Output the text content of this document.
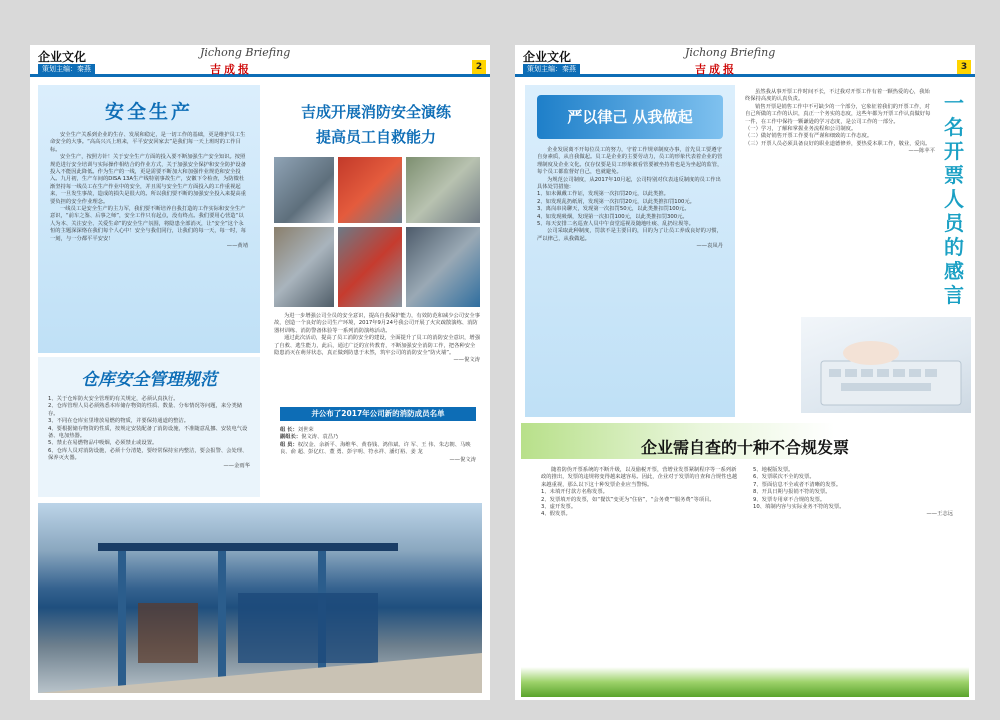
企业文化
策划主编：秦燕
Jichong Briefing
吉成报	2
安全生产

安全生产关系到企业的生存、发展和稳定，是一切工作的基础，更是维护员工生命安全的大事。“高高兴兴上班来，平平安安回家去”是我们每一天上班时的工作目标。

安全生产，按照方针！关于安全生产方面的投入要不断加强生产安全知识。按照规范进行安全培训与实际操作相结合的作业方式，关于加强安全保护和安全防护设备投入不能因此降低。作为生产的一线，更是需要不断加大和加强作业规范和安全投入。九月初，生产车间的DISA 13A生产线特别事故生产，安徽下令检查，为防微杜渐坚持每一线员工在生产作业中的安全，并且需与安全生产方面投入的工作重视起来，一旦发生事故，造成的损失是很大的。所以我们要不断的加强安全投入来提高重要负担的安全作业理念。

一线员工是安全生产的主力军，我们要不断培养自我打造的工作实际和安全生产意识，“前车之鉴、后事之师”，安全工作只有起点，没有终点。我们要用心营造“以人为本、关注安全、关爱生命”的安全生产氛围，将隐患全部消灭，让“安全”这个永恒的主题深深烙在我们每个人心中！安全与我们同行，让我们的每一天，每一时，每一刻，与一分都平平安安！

——黄靖

仓库安全管理规范

1、关于仓库防火安全管理的有关规定，必须认真执行。

2、仓库管理人员必须熟悉本库储存物资的性质、数量、分布情况等问题，来分类储存。

3、不同在仓库室里堆放易燃的物质，并要保持通道的整洁。

4、要根据储存物资的性质，按规定安装配备了消防设施，不准随意乱挪、安装电气设备、电加热器。

5、禁止在易燃物品中吸烟，必须禁止或设置。

6、仓库人员对消防设施，必须十分清楚，要经常保持室内整洁，要会报警、会处理、保养灭火器。

——金雨华

吉成开展消防安全演练
提高员工自救能力

为进一步增强公司全员的安全意识，提高自我保护能力，有效防范和减少公司安全事故，创造一个良好的公司生产环境，2017年9月24号我公司开展了火灾疏散演练、消防器材训练、消防警备体验等一系列消防演练活动。

通过此次活动，提高了员工消防安全的建设，全面提升了员工的消防安全意识，增强了自救、逃生能力，此后，通过广泛的宣传教育，不断加强安全消防工作，把各种安全隐患消灭在萌芽状态，真正做到防患于未然，筑牢公司的消防安全“防火墙”。

——倪文涛

并公布了2017年公司新的消防成员名单

组 长：刘世荣

副组长：倪文涛、袁昌乃

组 员：权汉金、余新平、海维华、黄春钱、鸿伟斌、许 军、王 伟、朱志朝、马映良、俞 超、彭亿红、董 勇、彭宇明、符水祥、潘灯裕、姜 龙

——倪文涛

企业文化
策划主编：秦燕
Jichong Briefing
吉成报	3
严以律己 从我做起

企业发展离不开每位员工的努力，守着工作规章制度办事，首先员工要遵守自身素质，从自我做起。员工是企业的主要劳动力，员工的形象代表着企业的管理制度及企业文化。仅存仅要是员工形象被看管要被坐持着也是为坐起的监管，每个员工都监督好自己，也就避免。

为规范公司制度，从2017年10月起，公司特别对仪表违反制度的员工作出具体处罚措施：

1、如未佩戴工作证，发现第一次扣罚20元，以此类推。

2、如发现乱扔纸屑，发现第一次扣罚20元，以此类推扣罚100元。

3、离岗串岗聊天，发现第一次扣罚50元，以此类推扣罚100元。

4、如发现吸烟，发现第一次扣罚100元，以此类推扣罚300元。

5、每天安排二名巡查人员中午食堂巡视及随地吐痰、乱扔垃圾等。

公司采取此种制度，罚款不是主要目的，目的为了让员工养成良好的习惯，严以律己，从我做起。

——袁凤丹

虽然我从事开票工作时间不长，不过我对开票工作有着一颗热爱的心，我始终保持高度的认真负责。

销售开票是销售工作中不可缺少的一个部分，它象征着我们的开票工作，对自己所做的工作的认识，真正一个务实的态度，这些年都为开票工作认真做好每一件，在工作中保持一颗谦逊的学习态度，是公司工作的一部分。

（一）学习，了解和掌握业务流程和公司制度。

（二）做好销售开票工作要有严谨和细致的工作态度。

（三）开票人员必须具备良好的职业道德修养，要热爱本职工作，敬业，爱岗。

——陈苹平

一名开票人员的感言
企业需自查的十种不合规发票

随着防伪开票系统的不断升级，以及偷税开票，营增业发票紧制程序等一系列新政的推出，发票的违规将变得越来越容易。因此，企业对于发票的自查和合规性也越来越重视，那么以下这十种发票企业应当警惕。

1、未填开付款方名称发票。

2、发票填开的发票，如“餐饮”变更为“住宿”，“会务费”“服务费”等项目。

3、虚开发票。

4、假发票。

5、地税版发票。

6、发票联次不全的发票。

7、票面信息不全或者不清晰的发票。

8、开具日期与报销不符的发票。

9、发票专用章不合规的发票。

10、填制内容与实际业务不符的发票。

——王志远
